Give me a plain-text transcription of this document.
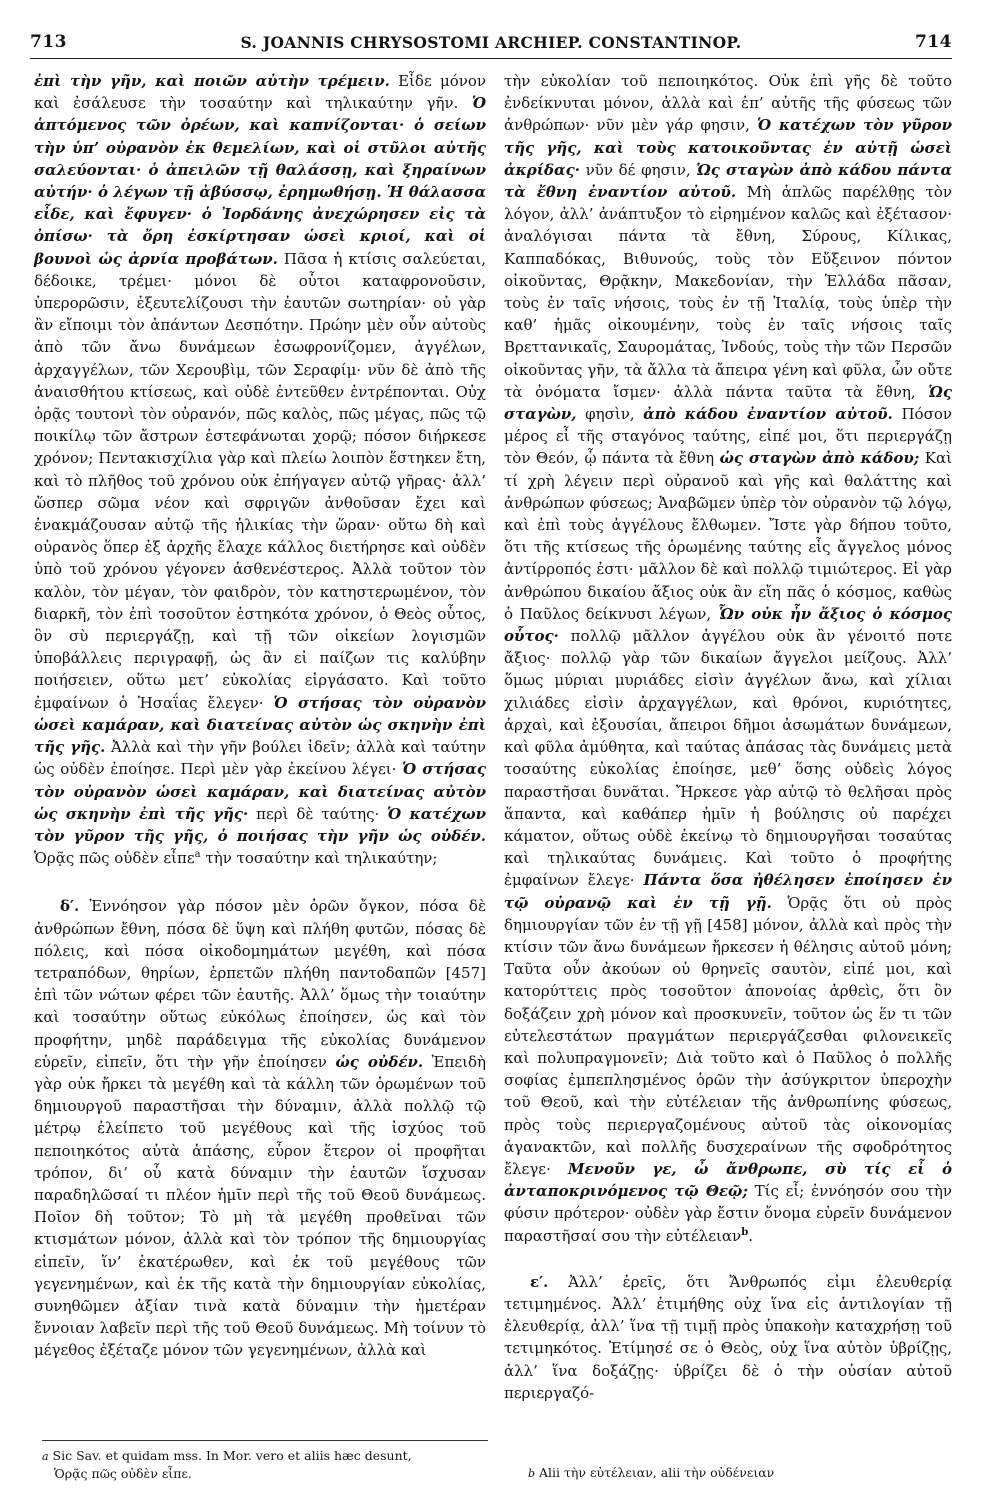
713	S. JOANNIS CHRYSOSTOMI ARCHIEP. CONSTANTINOP.	714

ἐπὶ τὴν γῆν, καὶ ποιῶν αὐτὴν τρέμειν. Εἶδε μόνον καὶ ἐσάλευσε τὴν τοσαύτην καὶ τηλικαύτην γῆν. Ὁ ἁπτόμενος τῶν ὀρέων, καὶ καπνίζονται· ὁ σείων τὴν ὑπ’ οὐρανὸν ἐκ θεμελίων, καὶ οἱ στῦλοι αὐτῆς σαλεύονται· ὁ ἀπειλῶν τῇ θαλάσσῃ, καὶ ξηραίνων αὐτήν· ὁ λέγων τῇ ἀβύσσῳ, ἐρημωθήσῃ. Ἡ θάλασσα εἶδε, καὶ ἔφυγεν· ὁ Ἰορδάνης ἀνεχώρησεν εἰς τὰ ὀπίσω· τὰ ὄρη ἐσκίρτησαν ὡσεὶ κριοί, καὶ οἱ βουνοὶ ὡς ἀρνία προβάτων. Πᾶσα ἡ κτίσις σαλεύεται, δέδοικε, τρέμει· μόνοι δὲ οὗτοι καταφρονοῦσιν, ὑπερορῶσιν, ἐξευτελίζουσι τὴν ἑαυτῶν σωτηρίαν· οὐ γὰρ ἂν εἴποιμι τὸν ἁπάντων Δεσπότην. Πρώην μὲν οὖν αὐτοὺς ἀπὸ τῶν ἄνω δυνάμεων ἐσωφρονίζομεν, ἀγγέλων, ἀρχαγγέλων, τῶν Χερουβὶμ, τῶν Σεραφίμ· νῦν δὲ ἀπὸ τῆς ἀναισθήτου κτίσεως, καὶ οὐδὲ ἐντεῦθεν ἐντρέπονται. Οὐχ ὁρᾷς τουτονὶ τὸν οὐρανόν, πῶς καλὸς, πῶς μέγας, πῶς τῷ ποικίλῳ τῶν ἄστρων ἐστεφάνωται χορῷ; πόσον διήρκεσε χρόνον; Πεντακισχίλια γὰρ καὶ πλείω λοιπὸν ἕστηκεν ἔτη, καὶ τὸ πλῆθος τοῦ χρόνου οὐκ ἐπήγαγεν αὐτῷ γῆρας· ἀλλ’ ὥσπερ σῶμα νέον καὶ σφριγῶν ἀνθοῦσαν ἔχει καὶ ἐνακμάζουσαν αὐτῷ τῆς ἡλικίας τὴν ὥραν· οὕτω δὴ καὶ οὐρανὸς ὅπερ ἐξ ἀρχῆς ἔλαχε κάλλος διετήρησε καὶ οὐδὲν ὑπὸ τοῦ χρόνου γέγονεν ἀσθενέστερος. Ἀλλὰ τοῦτον τὸν καλὸν, τὸν μέγαν, τὸν φαιδρὸν, τὸν κατηστερωμένον, τὸν διαρκῆ, τὸν ἐπὶ τοσοῦτον ἑστηκότα χρόνον, ὁ Θεὸς οὗτος, ὃν σὺ περιεργάζῃ, καὶ τῇ τῶν οἰκείων λογισμῶν ὑποβάλλεις περιγραφῇ, ὡς ἂν εἰ παίζων τις καλύβην ποιήσειεν, οὕτω μετ’ εὐκολίας εἰργάσατο. Καὶ τοῦτο ἐμφαίνων ὁ Ἡσαΐας ἔλεγεν· Ὁ στήσας τὸν οὐρανὸν ὡσεὶ καμάραν, καὶ διατείνας αὐτὸν ὡς σκηνὴν ἐπὶ τῆς γῆς. Ἀλλὰ καὶ τὴν γῆν βούλει ἰδεῖν; ἀλλὰ καὶ ταύτην ὡς οὐδὲν ἐποίησε. Περὶ μὲν γὰρ ἐκείνου λέγει· Ὁ στήσας τὸν οὐρανὸν ὡσεὶ καμάραν, καὶ διατείνας αὐτὸν ὡς σκηνὴν ἐπὶ τῆς γῆς· περὶ δὲ ταύτης· Ὁ κατέχων τὸν γῦρον τῆς γῆς, ὁ ποιήσας τὴν γῆν ὡς οὐδέν. Ὁρᾷς πῶς οὐδὲν εἶπε$^a$ τὴν τοσαύτην καὶ τηλικαύτην;

δ′. Ἐννόησον γὰρ πόσον μὲν ὀρῶν ὄγκον, πόσα δὲ ἀνθρώπων ἔθνη, πόσα δὲ ὕψη καὶ πλήθη φυτῶν, πόσας δὲ πόλεις, καὶ πόσα οἰκοδομημάτων μεγέθη, καὶ πόσα τετραπόδων, θηρίων, ἑρπετῶν πλήθη παντοδαπῶν [457] ἐπὶ τῶν νώτων φέρει τῶν ἑαυτῆς. Ἀλλ’ ὅμως τὴν τοιαύτην καὶ τοσαύτην οὕτως εὐκόλως ἐποίησεν, ὡς καὶ τὸν προφήτην, μηδὲ παράδειγμα τῆς εὐκολίας δυνάμενον εὑρεῖν, εἰπεῖν, ὅτι τὴν γῆν ἐποίησεν ὡς οὐδέν. Ἐπειδὴ γὰρ οὐκ ἤρκει τὰ μεγέθη καὶ τὰ κάλλη τῶν ὁρωμένων τοῦ δημιουργοῦ παραστῆσαι τὴν δύναμιν, ἀλλὰ πολλῷ τῷ μέτρῳ ἐλείπετο τοῦ μεγέθους καὶ τῆς ἰσχύος τοῦ πεποιηκότος αὐτὰ ἁπάσης, εὗρον ἕτερον οἱ προφῆται τρόπον, δι’ οὗ κατὰ δύναμιν τὴν ἑαυτῶν ἴσχυσαν παραδηλῶσαί τι πλέον ἡμῖν περὶ τῆς τοῦ Θεοῦ δυνάμεως. Ποῖον δὴ τοῦτον; Τὸ μὴ τὰ μεγέθη προθεῖναι τῶν κτισμάτων μόνον, ἀλλὰ καὶ τὸν τρόπον τῆς δημιουργίας εἰπεῖν, ἵν’ ἑκατέρωθεν, καὶ ἐκ τοῦ μεγέθους τῶν γεγενημένων, καὶ ἐκ τῆς κατὰ τὴν δημιουργίαν εὐκολίας, συνηθῶμεν ἀξίαν τινὰ κατὰ δύναμιν τὴν ἡμετέραν ἔννοιαν λαβεῖν περὶ τῆς τοῦ Θεοῦ δυνάμεως. Μὴ τοίνυν τὸ μέγεθος ἐξέταζε μόνον τῶν γεγενημένων, ἀλλὰ καὶ

τὴν εὐκολίαν τοῦ πεποιηκότος. Οὐκ ἐπὶ γῆς δὲ τοῦτο ἐνδείκνυται μόνον, ἀλλὰ καὶ ἐπ’ αὐτῆς τῆς φύσεως τῶν ἀνθρώπων· νῦν μὲν γάρ φησιν, Ὁ κατέχων τὸν γῦρον τῆς γῆς, καὶ τοὺς κατοικοῦντας ἐν αὐτῇ ὡσεὶ ἀκρίδας· νῦν δέ φησιν, Ὡς σταγὼν ἀπὸ κάδου πάντα τὰ ἔθνη ἐναντίον αὐτοῦ. Μὴ ἁπλῶς παρέλθῃς τὸν λόγον, ἀλλ’ ἀνάπτυξον τὸ εἰρημένον καλῶς καὶ ἐξέτασον· ἀναλόγισαι πάντα τὰ ἔθνη, Σύρους, Κίλικας, Καππαδόκας, Βιθυνούς, τοὺς τὸν Εὔξεινον πόντον οἰκοῦντας, Θρᾷκην, Μακεδονίαν, τὴν Ἑλλάδα πᾶσαν, τοὺς ἐν ταῖς νήσοις, τοὺς ἐν τῇ Ἰταλίᾳ, τοὺς ὑπὲρ τὴν καθ’ ἡμᾶς οἰκουμένην, τοὺς ἐν ταῖς νήσοις ταῖς Βρεττανικαῖς, Σαυρομάτας, Ἰνδούς, τοὺς τὴν τῶν Περσῶν οἰκοῦντας γῆν, τὰ ἄλλα τὰ ἄπειρα γένη καὶ φῦλα, ὧν οὔτε τὰ ὀνόματα ἴσμεν· ἀλλὰ πάντα ταῦτα τὰ ἔθνη, Ὡς σταγὼν, φησὶν, ἀπὸ κάδου ἐναντίον αὐτοῦ. Πόσον μέρος εἶ τῆς σταγόνος ταύτης, εἰπέ μοι, ὅτι περιεργάζῃ τὸν Θεόν, ᾧ πάντα τὰ ἔθνη ὡς σταγὼν ἀπὸ κάδου; Καὶ τί χρὴ λέγειν περὶ οὐρανοῦ καὶ γῆς καὶ θαλάττης καὶ ἀνθρώπων φύσεως; Ἀναβῶμεν ὑπὲρ τὸν οὐρανὸν τῷ λόγῳ, καὶ ἐπὶ τοὺς ἀγγέλους ἔλθωμεν. Ἴστε γὰρ δήπου τοῦτο, ὅτι τῆς κτίσεως τῆς ὁρωμένης ταύτης εἷς ἄγγελος μόνος ἀντίρροπός ἐστι· μᾶλλον δὲ καὶ πολλῷ τιμιώτερος. Εἰ γὰρ ἀνθρώπου δικαίου ἄξιος οὐκ ἂν εἴη πᾶς ὁ κόσμος, καθὼς ὁ Παῦλος δείκνυσι λέγων, Ὧν οὐκ ἦν ἄξιος ὁ κόσμος οὗτος· πολλῷ μᾶλλον ἀγγέλου οὐκ ἂν γένοιτό ποτε ἄξιος· πολλῷ γὰρ τῶν δικαίων ἄγγελοι μείζους. Ἀλλ’ ὅμως μύριαι μυριάδες εἰσὶν ἀγγέλων ἄνω, καὶ χίλιαι χιλιάδες εἰσὶν ἀρχαγγέλων, καὶ θρόνοι, κυριότητες, ἀρχαὶ, καὶ ἐξουσίαι, ἄπειροι δῆμοι ἀσωμάτων δυνάμεων, καὶ φῦλα ἀμύθητα, καὶ ταύτας ἁπάσας τὰς δυνάμεις μετὰ τοσαύτης εὐκολίας ἐποίησε, μεθ’ ὅσης οὐδεὶς λόγος παραστῆσαι δυνᾶται. Ἤρκεσε γὰρ αὐτῷ τὸ θελῆσαι πρὸς ἅπαντα, καὶ καθάπερ ἡμῖν ἡ βούλησις οὐ παρέχει κάματον, οὕτως οὐδὲ ἐκείνῳ τὸ δημιουργῆσαι τοσαύτας καὶ τηλικαύτας δυνάμεις. Καὶ τοῦτο ὁ προφήτης ἐμφαίνων ἔλεγε· Πάντα ὅσα ἠθέλησεν ἐποίησεν ἐν τῷ οὐρανῷ καὶ ἐν τῇ γῇ. Ὁρᾷς ὅτι οὐ πρὸς δημιουργίαν τῶν ἐν τῇ γῇ [458] μόνον, ἀλλὰ καὶ πρὸς τὴν κτίσιν τῶν ἄνω δυνάμεων ἤρκεσεν ἡ θέλησις αὐτοῦ μόνη; Ταῦτα οὖν ἀκούων οὐ θρηνεῖς σαυτὸν, εἰπέ μοι, καὶ κατορύττεις πρὸς τοσοῦτον ἀπονοίας ἀρθεὶς, ὅτι ὃν δοξάζειν χρὴ μόνον καὶ προσκυνεῖν, τοῦτον ὡς ἕν τι τῶν εὐτελεστάτων πραγμάτων περιεργάζεσθαι φιλονεικεῖς καὶ πολυπραγμονεῖν; Διὰ τοῦτο καὶ ὁ Παῦλος ὁ πολλῆς σοφίας ἐμπεπλησμένος ὁρῶν τὴν ἀσύγκριτον ὑπεροχὴν τοῦ Θεοῦ, καὶ τὴν εὐτέλειαν τῆς ἀνθρωπίνης φύσεως, πρὸς τοὺς περιεργαζομένους αὐτοῦ τὰς οἰκονομίας ἀγανακτῶν, καὶ πολλῆς δυσχεραίνων τῆς σφοδρότητος ἔλεγε· Μενοῦν γε, ὦ ἄνθρωπε, σὺ τίς εἶ ὁ ἀνταποκρινόμενος τῷ Θεῷ; Τίς εἶ; ἐννόησόν σου τὴν φύσιν πρότερον· οὐδὲν γὰρ ἔστιν ὄνομα εὑρεῖν δυνάμενον παραστῆσαί σου τὴν εὐτέλειαν$^b$.

ε′. Ἀλλ’ ἐρεῖς, ὅτι Ἄνθρωπός εἰμι ἐλευθερίᾳ τετιμημένος. Ἀλλ’ ἐτιμήθης οὐχ ἵνα εἰς ἀντιλογίαν τῇ ἐλευθερίᾳ, ἀλλ’ ἵνα τῇ τιμῇ πρὸς ὑπακοὴν καταχρήσῃ τοῦ τετιμηκότος. Ἐτίμησέ σε ὁ Θεὸς, οὐχ ἵνα αὐτὸν ὑβρίζῃς, ἀλλ’ ἵνα δοξάζῃς· ὑβρίζει δὲ ὁ τὴν οὐσίαν αὐτοῦ περιεργαζό-

a Sic Sav. et quidam mss. In Mor. vero et aliis hæc desunt,

Ὁρᾷς πῶς οὐδὲν εἶπε.	b Alii τὴν εὐτέλειαν, alii τὴν οὐδένειαν
